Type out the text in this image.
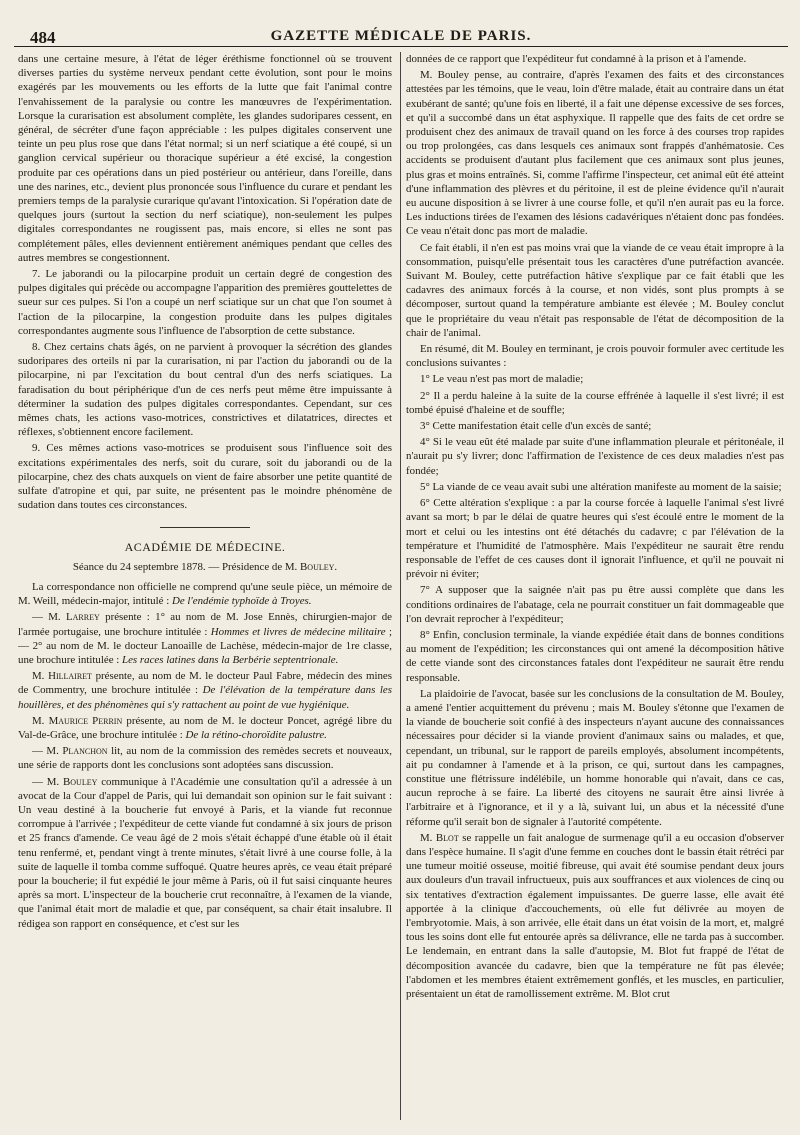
484	GAZETTE MÉDICALE DE PARIS.

dans une certaine mesure, à l'état de léger éréthisme fonctionnel où se trouvent diverses parties du système nerveux pendant cette évolution, sont pour le moins exagérés par les mouvements ou les efforts de la lutte que fait l'animal contre l'envahissement de la paralysie ou contre les manœuvres de l'expérimentation. Lorsque la curarisation est absolument complète, les glandes sudoripares cessent, en général, de sécréter d'une façon appréciable : les pulpes digitales conservent une teinte un peu plus rose que dans l'état normal; si un nerf sciatique a été coupé, si un ganglion cervical supérieur ou thoracique supérieur a été excisé, la congestion produite par ces opérations dans un pied postérieur ou antérieur, dans l'oreille, dans une des narines, etc., devient plus prononcée sous l'influence du curare et pendant les premiers temps de la paralysie curarique qu'avant l'intoxication. Si l'opération date de quelques jours (surtout la section du nerf sciatique), non-seulement les pulpes digitales correspondantes ne rougissent pas, mais encore, si elles ne sont pas complétement pâles, elles deviennent entièrement anémiques pendant que celles des autres membres se congestionnent.

7. Le jaborandi ou la pilocarpine produit un certain degré de congestion des pulpes digitales qui précède ou accompagne l'apparition des premières gouttelettes de sueur sur ces pulpes. Si l'on a coupé un nerf sciatique sur un chat que l'on soumet à l'action de la pilocarpine, la congestion produite dans les pulpes digitales correspondantes augmente sous l'influence de l'absorption de cette substance.

8. Chez certains chats âgés, on ne parvient à provoquer la sécrétion des glandes sudoripares des orteils ni par la curarisation, ni par l'action du jaborandi ou de la pilocarpine, ni par l'excitation du bout central d'un des nerfs sciatiques. La faradisation du bout périphérique d'un de ces nerfs peut même être impuissante à déterminer la sudation des pulpes digitales correspondantes. Cependant, sur ces mêmes chats, les actions vaso-motrices, constrictives et dilatatrices, directes et réflexes, s'obtiennent encore facilement.

9. Ces mêmes actions vaso-motrices se produisent sous l'influence soit des excitations expérimentales des nerfs, soit du curare, soit du jaborandi ou de la pilocarpine, chez des chats auxquels on vient de faire absorber une petite quantité de sulfate d'atropine et qui, par suite, ne présentent pas le moindre phénomène de sudation dans toutes ces circonstances.

ACADÉMIE DE MÉDECINE.
Séance du 24 septembre 1878. — Présidence de M. Bouley.

La correspondance non officielle ne comprend qu'une seule pièce, un mémoire de M. Weill, médecin-major, intitulé : De l'endémie typhoïde à Troyes.

— M. Larrey présente : 1° au nom de M. Jose Ennès, chirurgien-major de l'armée portugaise, une brochure intitulée : Hommes et livres de médecine militaire ; — 2° au nom de M. le docteur Lanoaille de Lachèse, médecin-major de 1re classe, une brochure intitulée : Les races latines dans la Berbérie septentrionale.

M. Hillairet présente, au nom de M. le docteur Paul Fabre, médecin des mines de Commentry, une brochure intitulée : De l'élévation de la température dans les houillères, et des phénomènes qui s'y rattachent au point de vue hygiénique.

M. Maurice Perrin présente, au nom de M. le docteur Poncet, agrégé libre du Val-de-Grâce, une brochure intitulée : De la rétino-choroïdite palustre.

— M. Planchon lit, au nom de la commission des remèdes secrets et nouveaux, une série de rapports dont les conclusions sont adoptées sans discussion.

— M. Bouley communique à l'Académie une consultation qu'il a adressée à un avocat de la Cour d'appel de Paris, qui lui demandait son opinion sur le fait suivant : Un veau destiné à la boucherie fut envoyé à Paris, et la viande fut reconnue corrompue à l'arrivée ; l'expéditeur de cette viande fut condamné à six jours de prison et 25 francs d'amende. Ce veau âgé de 2 mois s'était échappé d'une étable où il était tenu renfermé, et, pendant vingt à trente minutes, s'était livré à une course folle, à la suite de laquelle il tomba comme suffoqué. Quatre heures après, ce veau était préparé pour la boucherie; il fut expédié le jour même à Paris, où il fut saisi cinquante heures après sa mort. L'inspecteur de la boucherie crut reconnaître, à l'examen de la viande, que l'animal était mort de maladie et que, par conséquent, sa chair était insalubre. Il rédigea son rapport en conséquence, et c'est sur les

données de ce rapport que l'expéditeur fut condamné à la prison et à l'amende.

M. Bouley pense, au contraire, d'après l'examen des faits et des circonstances attestées par les témoins, que le veau, loin d'être malade, était au contraire dans un état exubérant de santé; qu'une fois en liberté, il a fait une dépense excessive de ses forces, et qu'il a succombé dans un état asphyxique. Il rappelle que des faits de cet ordre se produisent chez des animaux de travail quand on les force à des courses trop rapides ou trop prolongées, cas dans lesquels ces animaux sont frappés d'anhématosie. Ces accidents se produisent d'autant plus facilement que ces animaux sont plus jeunes, plus gras et moins entraînés. Si, comme l'affirme l'inspecteur, cet animal eût été atteint d'une inflammation des plèvres et du péritoine, il est de pleine évidence qu'il n'aurait eu aucune disposition à se livrer à une course folle, et qu'il n'en aurait pas eu la force. Les inductions tirées de l'examen des lésions cadavériques n'étaient donc pas fondées. Ce veau n'était donc pas mort de maladie.

Ce fait établi, il n'en est pas moins vrai que la viande de ce veau était impropre à la consommation, puisqu'elle présentait tous les caractères d'une putréfaction avancée. Suivant M. Bouley, cette putréfaction hâtive s'explique par ce fait établi que les cadavres des animaux forcés à la course, et non vidés, sont plus prompts à se décomposer, surtout quand la température ambiante est élevée ; M. Bouley conclut que le propriétaire du veau n'était pas responsable de l'état de décomposition de la chair de l'animal.

En résumé, dit M. Bouley en terminant, je crois pouvoir formuler avec certitude les conclusions suivantes :

1° Le veau n'est pas mort de maladie;

2° Il a perdu haleine à la suite de la course effrénée à laquelle il s'est livré; il est tombé épuisé d'haleine et de souffle;

3° Cette manifestation était celle d'un excès de santé;

4° Si le veau eût été malade par suite d'une inflammation pleurale et péritonéale, il n'aurait pu s'y livrer; donc l'affirmation de l'existence de ces deux maladies n'est pas fondée;

5° La viande de ce veau avait subi une altération manifeste au moment de la saisie;

6° Cette altération s'explique : a par la course forcée à laquelle l'animal s'est livré avant sa mort; b par le délai de quatre heures qui s'est écoulé entre le moment de la mort et celui ou les intestins ont été détachés du cadavre; c par l'élévation de la température et l'humidité de l'atmosphère. Mais l'expéditeur ne saurait être rendu responsable de l'effet de ces causes dont il ignorait l'influence, et qu'il ne pouvait ni prévoir ni éviter;

7° A supposer que la saignée n'ait pas pu être aussi complète que dans les conditions ordinaires de l'abatage, cela ne pourrait constituer un fait dommageable que l'on devrait reprocher à l'expéditeur;

8° Enfin, conclusion terminale, la viande expédiée était dans de bonnes conditions au moment de l'expédition; les circonstances qui ont amené la décomposition hâtive de cette viande sont des circonstances fatales dont l'expéditeur ne saurait être rendu responsable.

La plaidoirie de l'avocat, basée sur les conclusions de la consultation de M. Bouley, a amené l'entier acquittement du prévenu ; mais M. Bouley s'étonne que l'examen de la viande de boucherie soit confié à des inspecteurs n'ayant aucune des connaissances nécessaires pour décider si la viande provient d'animaux sains ou malades, et que, cependant, un tribunal, sur le rapport de pareils employés, absolument incompétents, ait pu condamner à l'amende et à la prison, ce qui, surtout dans les campagnes, constitue une flétrissure indélébile, un homme honorable qui n'avait, dans ce cas, aucun reproche à se faire. La liberté des citoyens ne saurait être ainsi livrée à l'arbitraire et à l'ignorance, et il y a là, suivant lui, un abus et la nécessité d'une réforme qu'il serait bon de signaler à l'autorité compétente.

M. Blot se rappelle un fait analogue de surmenage qu'il a eu occasion d'observer dans l'espèce humaine. Il s'agit d'une femme en couches dont le bassin était rétréci par une tumeur moitié osseuse, moitié fibreuse, qui avait été soumise pendant deux jours aux douleurs d'un travail infructueux, puis aux souffrances et aux violences de cinq ou six tentatives d'extraction également impuissantes. De guerre lasse, elle avait été apportée à la clinique d'accouchements, où elle fut délivrée au moyen de l'embryotomie. Mais, à son arrivée, elle était dans un état voisin de la mort, et, malgré tous les soins dont elle fut entourée après sa délivrance, elle ne tarda pas à succomber. Le lendemain, en entrant dans la salle d'autopsie, M. Blot fut frappé de l'état de décomposition avancée du cadavre, bien que la température ne fût pas élevée; l'abdomen et les membres étaient extrêmement gonflés, et les muscles, en particulier, présentaient un état de ramollissement extrême. M. Blot crut
